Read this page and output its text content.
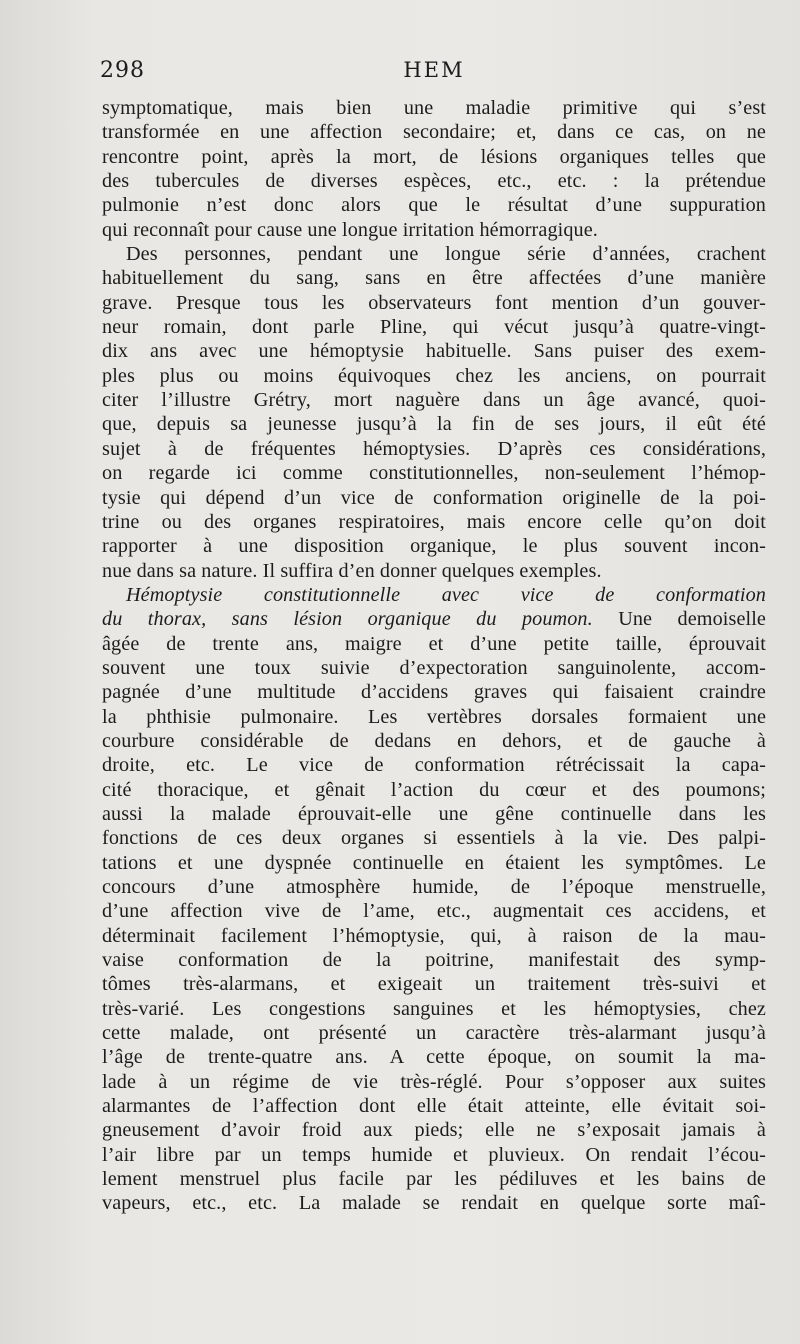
298	HEM
symptomatique, mais bien une maladie primitive qui s’est
transformée en une affection secondaire; et, dans ce cas, on ne
rencontre point, après la mort, de lésions organiques telles que
des tubercules de diverses espèces, etc., etc. : la prétendue
pulmonie n’est donc alors que le résultat d’une suppuration
qui reconnaît pour cause une longue irritation hémorragique.
Des personnes, pendant une longue série d’années, crachent
habituellement du sang, sans en être affectées d’une manière
grave. Presque tous les observateurs font mention d’un gouver-
neur romain, dont parle Pline, qui vécut jusqu’à quatre-vingt-
dix ans avec une hémoptysie habituelle. Sans puiser des exem-
ples plus ou moins équivoques chez les anciens, on pourrait
citer l’illustre Grétry, mort naguère dans un âge avancé, quoi-
que, depuis sa jeunesse jusqu’à la fin de ses jours, il eût été
sujet à de fréquentes hémoptysies. D’après ces considérations,
on regarde ici comme constitutionnelles, non-seulement l’hémop-
tysie qui dépend d’un vice de conformation originelle de la poi-
trine ou des organes respiratoires, mais encore celle qu’on doit
rapporter à une disposition organique, le plus souvent incon-
nue dans sa nature. Il suffira d’en donner quelques exemples.
Hémoptysie constitutionnelle avec vice de conformation
du thorax, sans lésion organique du poumon. Une demoiselle
âgée de trente ans, maigre et d’une petite taille, éprouvait
souvent une toux suivie d’expectoration sanguinolente, accom-
pagnée d’une multitude d’accidens graves qui faisaient craindre
la phthisie pulmonaire. Les vertèbres dorsales formaient une
courbure considérable de dedans en dehors, et de gauche à
droite, etc. Le vice de conformation rétrécissait la capa-
cité thoracique, et gênait l’action du cœur et des poumons;
aussi la malade éprouvait-elle une gêne continuelle dans les
fonctions de ces deux organes si essentiels à la vie. Des palpi-
tations et une dyspnée continuelle en étaient les symptômes. Le
concours d’une atmosphère humide, de l’époque menstruelle,
d’une affection vive de l’ame, etc., augmentait ces accidens, et
déterminait facilement l’hémoptysie, qui, à raison de la mau-
vaise conformation de la poitrine, manifestait des symp-
tômes très-alarmans, et exigeait un traitement très-suivi et
très-varié. Les congestions sanguines et les hémoptysies, chez
cette malade, ont présenté un caractère très-alarmant jusqu’à
l’âge de trente-quatre ans. A cette époque, on soumit la ma-
lade à un régime de vie très-réglé. Pour s’opposer aux suites
alarmantes de l’affection dont elle était atteinte, elle évitait soi-
gneusement d’avoir froid aux pieds; elle ne s’exposait jamais à
l’air libre par un temps humide et pluvieux. On rendait l’écou-
lement menstruel plus facile par les pédiluves et les bains de
vapeurs, etc., etc. La malade se rendait en quelque sorte maî-
